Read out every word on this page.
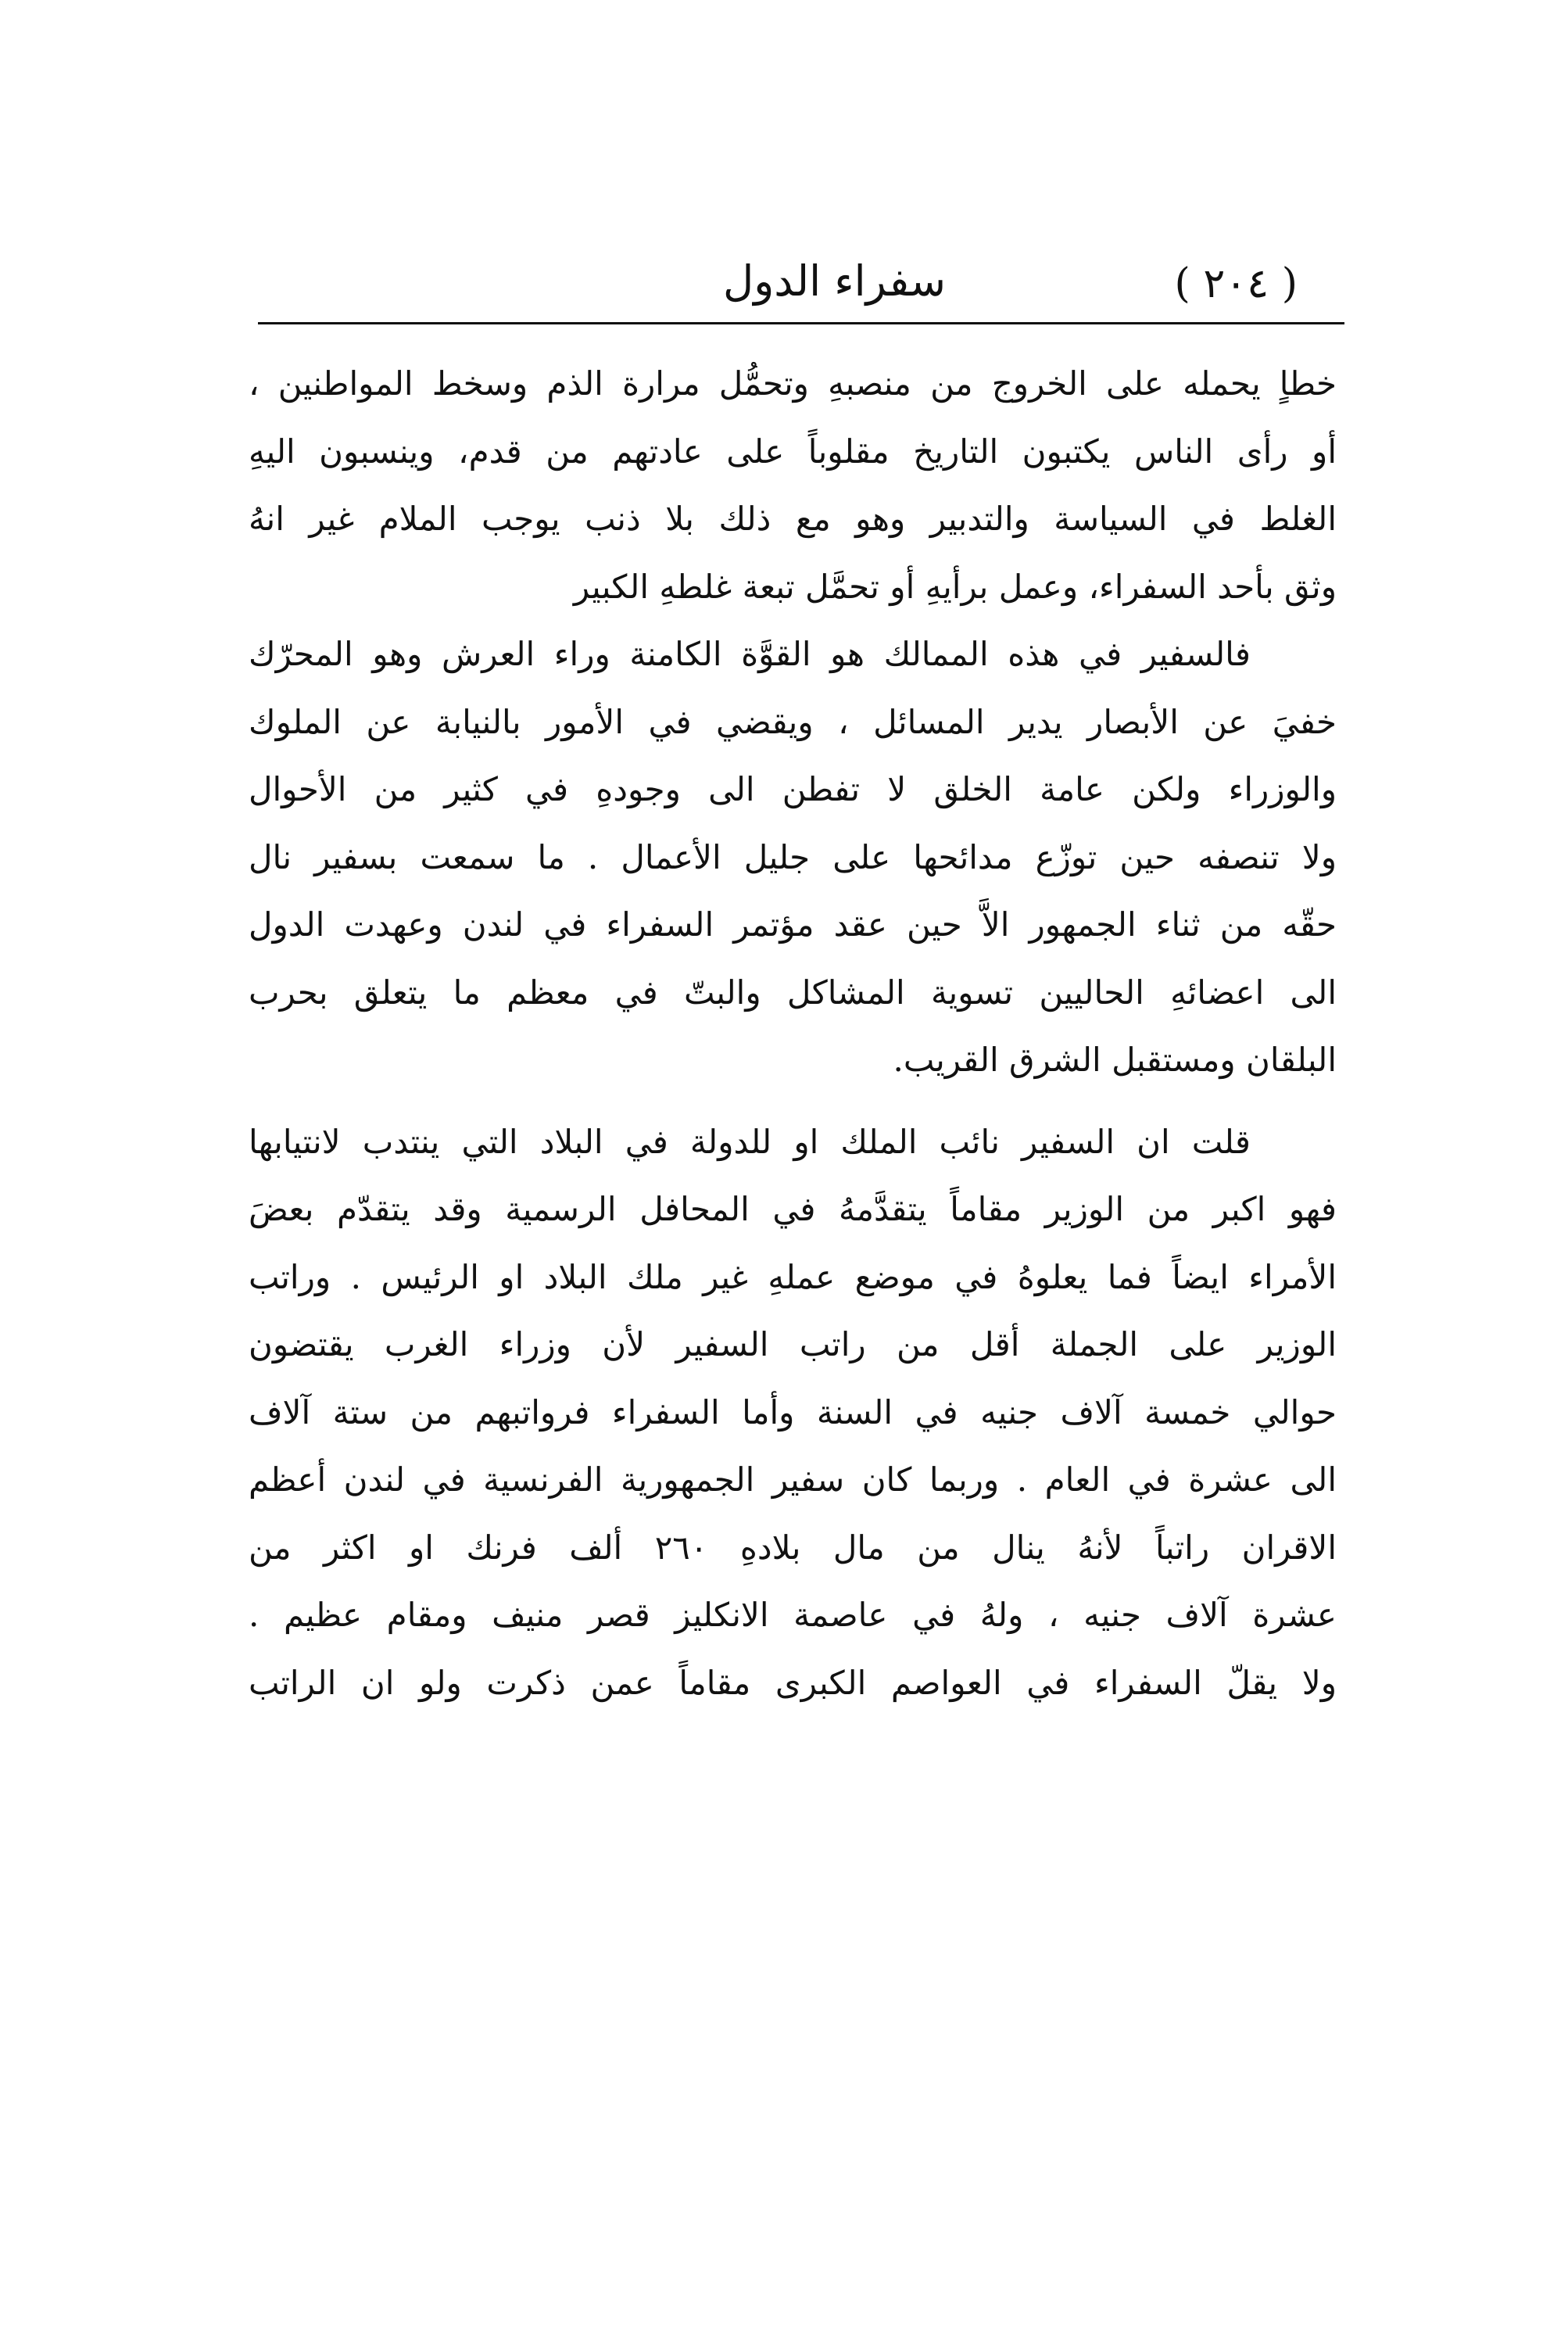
( ٢٠٤ )
سفراء الدول
خطاٍ يحمله على الخروج من منصبهِ وتحمُّل مرارة الذم وسخط المواطنين ،
أو رأى الناس يكتبون التاريخ مقلوباً على عادتهم من قدم، وينسبون اليهِ
الغلط في السياسة والتدبير وهو مع ذلك بلا ذنب يوجب الملام غير انهُ
وثق بأحد السفراء، وعمل برأيهِ أو تحمَّل تبعة غلطهِ الكبير
فالسفير في هذه الممالك هو القوَّة الكامنة وراء العرش وهو المحرّك
خفيَ عن الأبصار يدير المسائل ، ويقضي في الأمور بالنيابة عن الملوك
والوزراء ولكن عامة الخلق لا تفطن الى وجودهِ في كثير من الأحوال
ولا تنصفه حين توزّع مدائحها على جليل الأعمال . ما سمعت بسفير نال
حقّه من ثناء الجمهور الاَّ حين عقد مؤتمر السفراء في لندن وعهدت الدول
الى اعضائهِ الحاليين تسوية المشاكل والبتّ في معظم ما يتعلق بحرب
البلقان ومستقبل الشرق القريب.
قلت ان السفير نائب الملك او للدولة في البلاد التي ينتدب لانتيابها
فهو اكبر من الوزير مقاماً يتقدَّمهُ في المحافل الرسمية وقد يتقدّم بعضَ
الأمراء ايضاً فما يعلوهُ في موضع عملهِ غير ملك البلاد او الرئيس . وراتب
الوزير على الجملة أقل من راتب السفير لأن وزراء الغرب يقتضون
حوالي خمسة آلاف جنيه في السنة وأما السفراء فرواتبهم من ستة آلاف
الى عشرة في العام . وربما كان سفير الجمهورية الفرنسية في لندن أعظم
الاقران راتباً لأنهُ ينال من مال بلادهِ ٢٦٠ ألف فرنك او اكثر من
عشرة آلاف جنيه ، ولهُ في عاصمة الانكليز قصر منيف ومقام عظيم .
ولا يقلّ السفراء في العواصم الكبرى مقاماً عمن ذكرت ولو ان الراتب
